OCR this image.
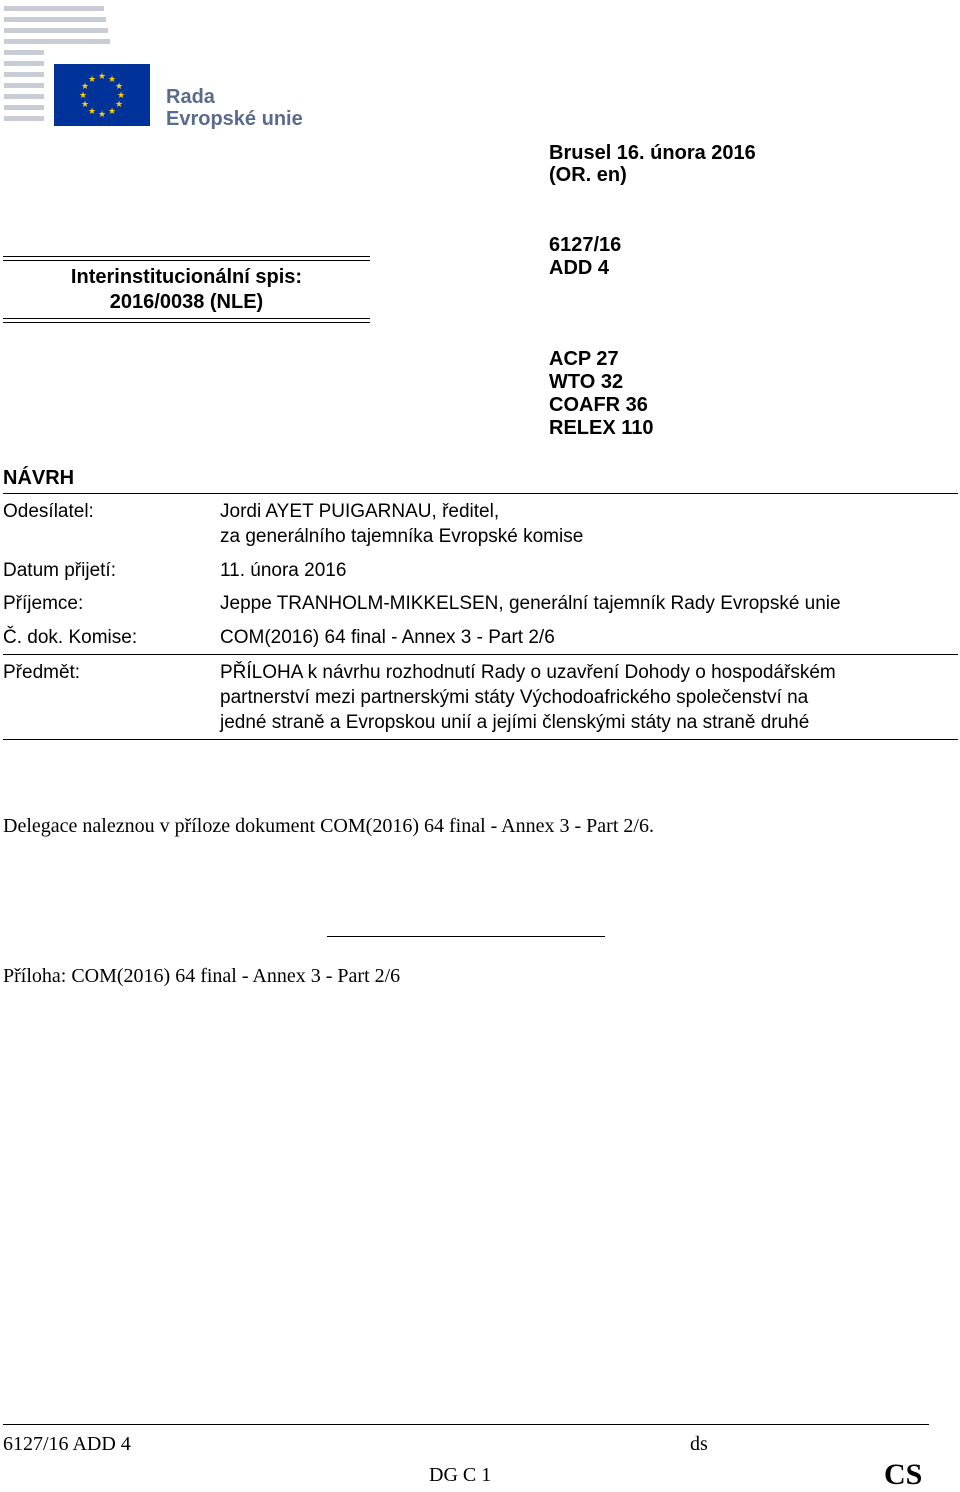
★ ★
★
★
★
★
★
★
★
★
★
★
Rada
Evropské unie
Brusel 16. února 2016
(OR. en)
6127/16
ADD 4
ACP 27
WTO 32
COAFR 36
RELEX 110
Interinstitucionální spis:
2016/0038 (NLE)
NÁVRH
Odesílatel:	Jordi AYET PUIGARNAU, ředitel,
za generálního tajemníka Evropské komise
Datum přijetí:	11. února 2016
Příjemce:	Jeppe TRANHOLM-MIKKELSEN, generální tajemník Rady Evropské unie
Č. dok. Komise:	COM(2016) 64 final - Annex 3 - Part 2/6
Předmět:	PŘÍLOHA k návrhu rozhodnutí Rady o uzavření Dohody o hospodářském
partnerství mezi partnerskými státy Východoafrického společenství na
jedné straně a Evropskou unií a jejími členskými státy na straně druhé
Delegace naleznou v příloze dokument COM(2016) 64 final - Annex 3 - Part 2/6.
Příloha: COM(2016) 64 final - Annex 3 - Part 2/6
6127/16 ADD 4	ds
DG C 1	CS
